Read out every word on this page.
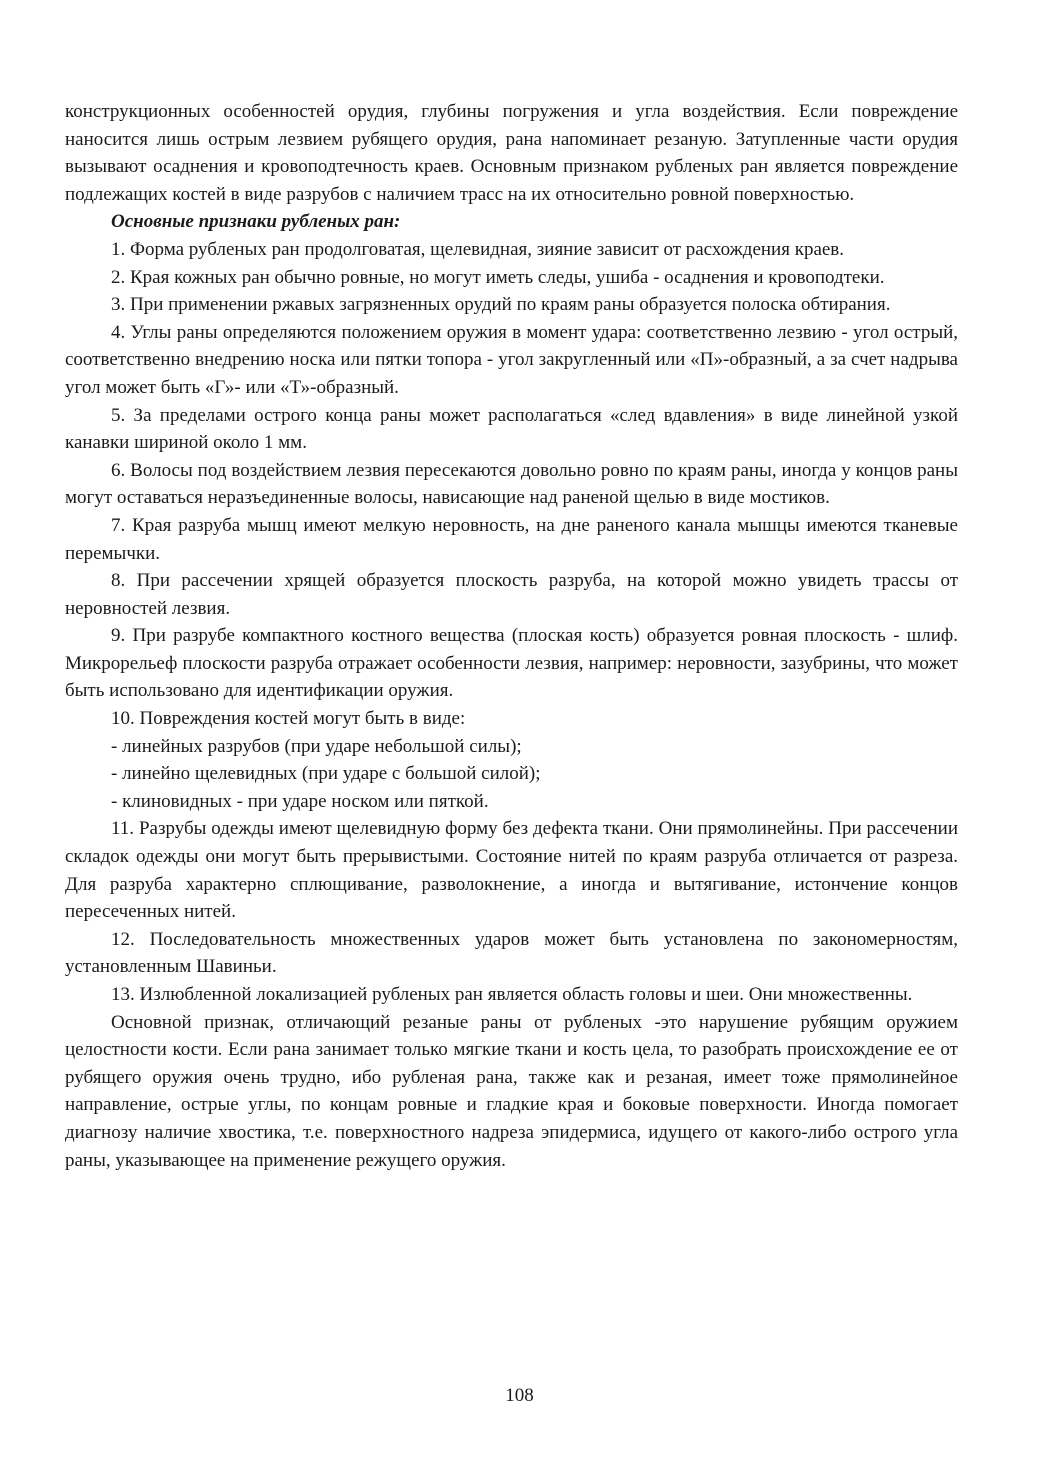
конструкционных особенностей орудия, глубины погружения и угла воздействия. Если повреждение наносится лишь острым лезвием рубящего орудия, рана напоминает резаную. Затупленные части орудия вызывают осаднения и кровоподтечность краев. Основным признаком рубленых ран является повреждение подлежащих костей в виде разрубов с наличием трасс на их относительно ровной поверхностью.

Основные признаки рубленых ран:

1. Форма рубленых ран продолговатая, щелевидная, зияние зависит от расхождения краев.

2. Края кожных ран обычно ровные, но могут иметь следы, ушиба - осаднения и кровоподтеки.

3. При применении ржавых загрязненных орудий по краям раны образуется полоска обтирания.

4. Углы раны определяются положением оружия в момент удара: соответственно лезвию - угол острый, соответственно внедрению носка или пятки топора - угол закругленный или «П»-образный, а за счет надрыва угол может быть «Г»- или «Т»-образный.

5. За пределами острого конца раны может располагаться «след вдавления» в виде линейной узкой канавки шириной около 1 мм.

6. Волосы под воздействием лезвия пересекаются довольно ровно по краям раны, иногда у концов раны могут оставаться неразъединенные волосы, нависающие над раненой щелью в виде мостиков.

7. Края разруба мышц имеют мелкую неровность, на дне раненого канала мышцы имеются тканевые перемычки.

8. При рассечении хрящей образуется плоскость разруба, на которой можно увидеть трассы от неровностей лезвия.

9. При разрубе компактного костного вещества (плоская кость) образуется ровная плоскость - шлиф. Микрорельеф плоскости разруба отражает особенности лезвия, например: неровности, зазубрины, что может быть использовано для идентификации оружия.

10. Повреждения костей могут быть в виде:

- линейных разрубов (при ударе небольшой силы);

- линейно щелевидных (при ударе с большой силой);

- клиновидных - при ударе носком или пяткой.

11. Разрубы одежды имеют щелевидную форму без дефекта ткани. Они прямолинейны. При рассечении складок одежды они могут быть прерывистыми. Состояние нитей по краям разруба отличается от разреза. Для разруба характерно сплющивание, разволокнение, а иногда и вытягивание, истончение концов пересеченных нитей.

12. Последовательность множественных ударов может быть установлена по закономерностям, установленным Шавиньи.

13. Излюбленной локализацией рубленых ран является область головы и шеи. Они множественны.

Основной признак, отличающий резаные раны от рубленых -это нарушение рубящим оружием целостности кости. Если рана занимает только мягкие ткани и кость цела, то разобрать происхождение ее от рубящего оружия очень трудно, ибо рубленая рана, также как и резаная, имеет тоже прямолинейное направление, острые углы, по концам ровные и гладкие края и боковые поверхности. Иногда помогает диагнозу наличие хвостика, т.е. поверхностного надреза эпидермиса, идущего от какого-либо острого угла раны, указывающее на применение режущего оружия.

108
